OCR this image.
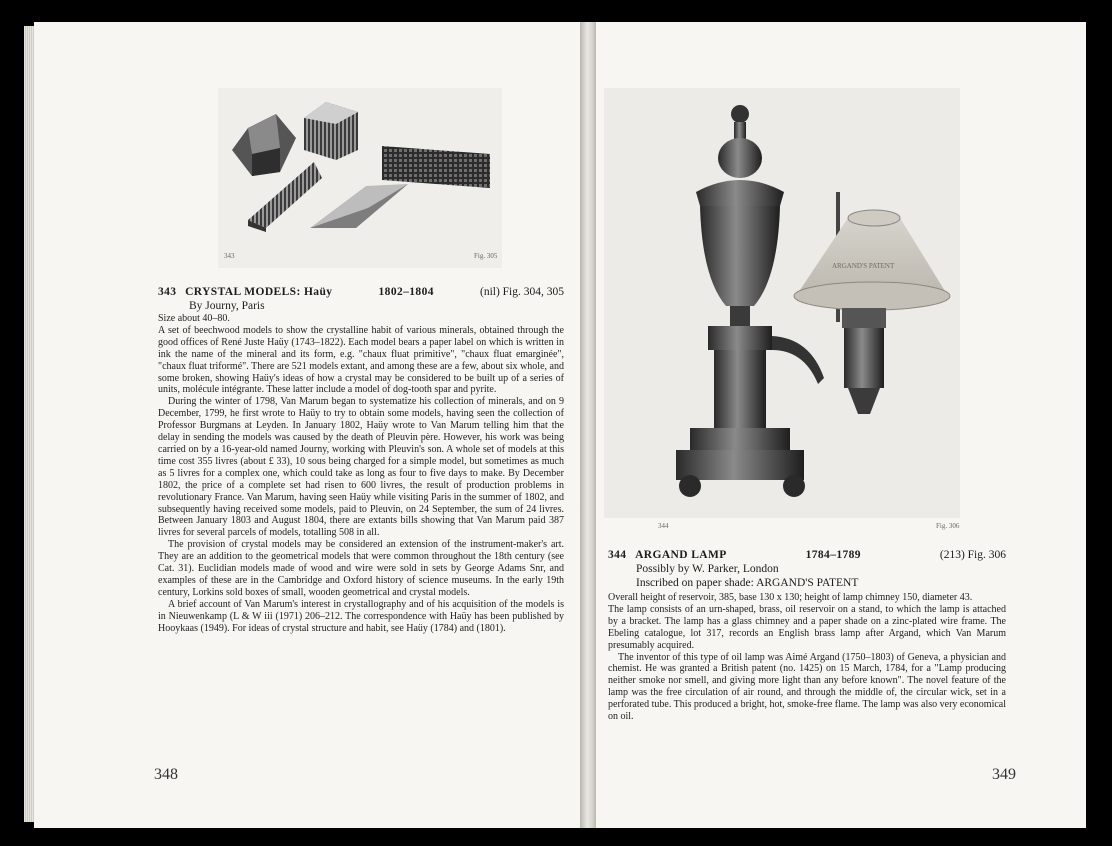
343	Fig. 305
343 CRYSTAL MODELS: Haüy	1802–1804	(nil) Fig. 304, 305
By Journy, Paris

Size about 40–80.

A set of beechwood models to show the crystalline habit of various minerals, obtained through the good offices of René Juste Haüy (1743–1822). Each model bears a paper label on which is written in ink the name of the mineral and its form, e.g. "chaux fluat primitive", "chaux fluat emarginée", "chaux fluat triformé". There are 521 models extant, and among these are a few, about six whole, and some broken, showing Haüy's ideas of how a crystal may be considered to be built up of a series of units, molécule intégrante. These latter include a model of dog-tooth spar and pyrite.

During the winter of 1798, Van Marum began to systematize his collection of minerals, and on 9 December, 1799, he first wrote to Haüy to try to obtain some models, having seen the collection of Professor Burgmans at Leyden. In January 1802, Haüy wrote to Van Marum telling him that the delay in sending the models was caused by the death of Pleuvin père. However, his work was being carried on by a 16-year-old named Journy, working with Pleuvin's son. A whole set of models at this time cost 355 livres (about £ 33), 10 sous being charged for a simple model, but sometimes as much as 5 livres for a complex one, which could take as long as four to five days to make. By December 1802, the price of a complete set had risen to 600 livres, the result of production problems in revolutionary France. Van Marum, having seen Haüy while visiting Paris in the summer of 1802, and subsequently having received some models, paid to Pleuvin, on 24 September, the sum of 24 livres. Between January 1803 and August 1804, there are extants bills showing that Van Marum paid 387 livres for several parcels of models, totalling 508 in all.

The provision of crystal models may be considered an extension of the instrument-maker's art. They are an addition to the geometrical models that were common throughout the 18th century (see Cat. 31). Euclidian models made of wood and wire were sold in sets by George Adams Snr, and examples of these are in the Cambridge and Oxford history of science museums. In the early 19th century, Lorkins sold boxes of small, wooden geometrical and crystal models.

A brief account of Van Marum's interest in crystallography and of his acquisition of the models is in Nieuwenkamp (L & W iii (1971) 206–212. The correspondence with Haüy has been published by Hooykaas (1949). For ideas of crystal structure and habit, see Haüy (1784) and (1801).

348
ARGAND'S PATENT
344	Fig. 306
344 ARGAND LAMP	1784–1789	(213) Fig. 306
Possibly by W. Parker, London
Inscribed on paper shade: ARGAND'S PATENT

Overall height of reservoir, 385, base 130 x 130; height of lamp chimney 150, diameter 43.

The lamp consists of an urn-shaped, brass, oil reservoir on a stand, to which the lamp is attached by a bracket. The lamp has a glass chimney and a paper shade on a zinc-plated wire frame. The Ebeling catalogue, lot 317, records an English brass lamp after Argand, which Van Marum presumably acquired.

The inventor of this type of oil lamp was Aimé Argand (1750–1803) of Geneva, a physician and chemist. He was granted a British patent (no. 1425) on 15 March, 1784, for a "Lamp producing neither smoke nor smell, and giving more light than any before known". The novel feature of the lamp was the free circulation of air round, and through the middle of, the circular wick, set in a perforated tube. This produced a bright, hot, smoke-free flame. The lamp was also very economical on oil.

349
